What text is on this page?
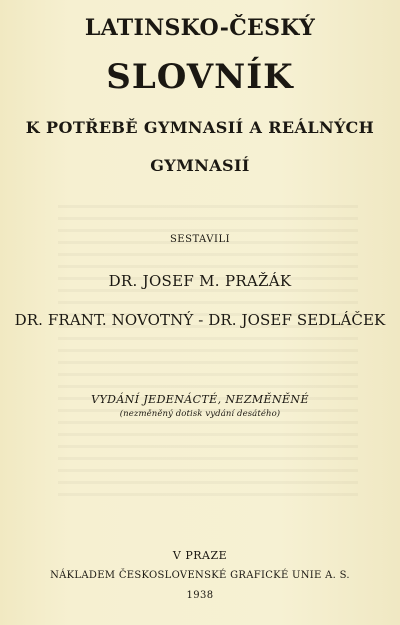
LATINSKO-ČESKÝ
SLOVNÍK
K POTŘEBĚ GYMNASIÍ A REÁLNÝCH
GYMNASIÍ
SESTAVILI
DR. JOSEF M. PRAŽÁK
DR. FRANT. NOVOTNÝ - DR. JOSEF SEDLÁČEK
VYDÁNÍ JEDENÁCTÉ, NEZMĚNĚNÉ
(nezměněný dotisk vydání desátého)
V PRAZE
NÁKLADEM ČESKOSLOVENSKÉ GRAFICKÉ UNIE A. S.
1938
